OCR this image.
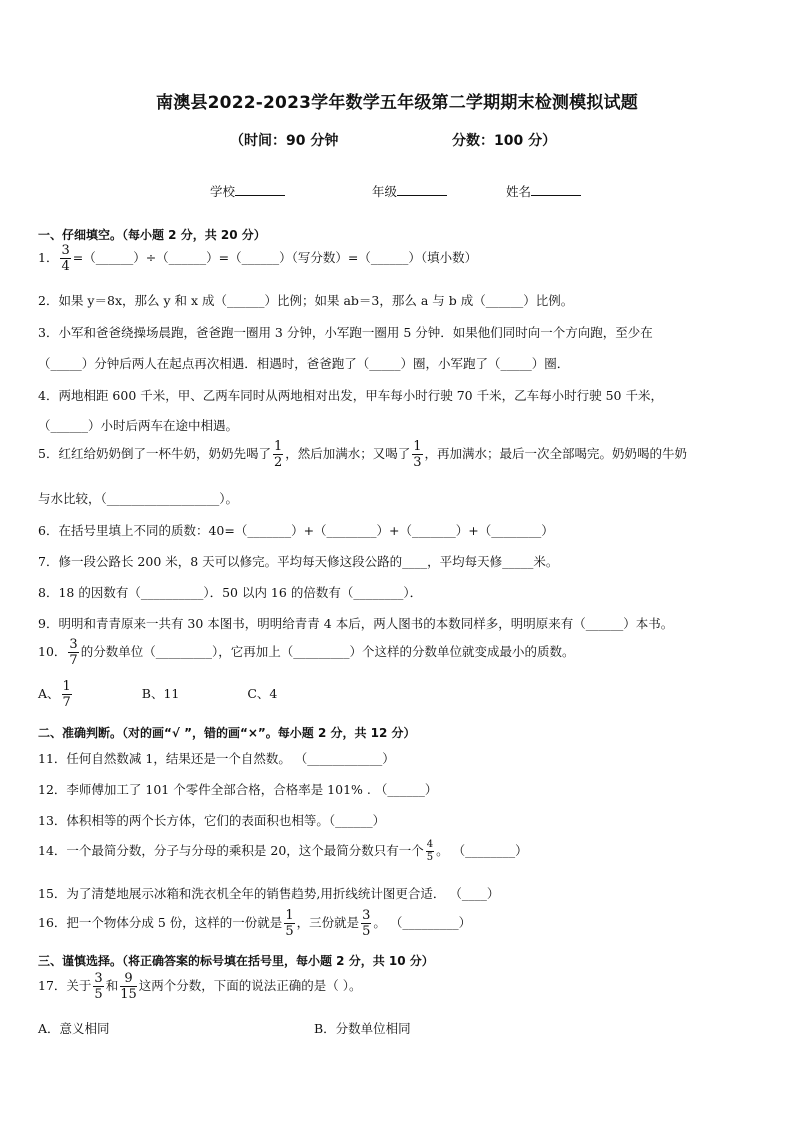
南澳县2022-2023学年数学五年级第二学期期末检测模拟试题
（时间：90 分钟	分数：100 分）
学校	年级	姓名
一、仔细填空。（每小题 2 分，共 20 分）
1． $\frac{3}{4}$ =（______）÷（______）=（______）（写分数）=（______）（填小数）
2．如果 y＝8x，那么 y 和 x 成（______）比例；如果 ab＝3，那么 a 与 b 成（______）比例。
3．小军和爸爸绕操场晨跑，爸爸跑一圈用 3 分钟，小军跑一圈用 5 分钟．如果他们同时向一个方向跑，至少在
（_____）分钟后两人在起点再次相遇．相遇时，爸爸跑了（_____）圈，小军跑了（_____）圈．
4．两地相距 600 千米，甲、乙两车同时从两地相对出发，甲车每小时行驶 70 千米，乙车每小时行驶 50 千米，
（______）小时后两车在途中相遇。
5．红红给奶奶倒了一杯牛奶，奶奶先喝了 $\frac{1}{2}$ ，然后加满水；又喝了 $\frac{1}{3}$ ，再加满水；最后一次全部喝完。奶奶喝的牛奶
与水比较，（__________________）。
6．在括号里填上不同的质数：40=（_______）+（________）+（_______）+（________）
7．修一段公路长 200 米，8 天可以修完。平均每天修这段公路的____，平均每天修_____米。
8．18 的因数有（__________）．50 以内 16 的倍数有（________）．
9．明明和青青原来一共有 30 本图书，明明给青青 4 本后，两人图书的本数同样多，明明原来有（______）本书。
10． $\frac{3}{7}$ 的分数单位（_________），它再加上（_________）个这样的分数单位就变成最小的质数。
A、 $\frac{1}{7}$	B、11	C、4
二、准确判断。（对的画“√ ”，错的画“×”。每小题 2 分，共 12 分）
11．任何自然数减 1，结果还是一个自然数。 （____________）
12．李师傅加工了 101 个零件全部合格，合格率是 101% . （______）
13．体积相等的两个长方体，它们的表面积也相等。（______）
14．一个最简分数，分子与分母的乘积是 20，这个最简分数只有一个 $\frac{4}{5}$ 。 （________）
15．为了清楚地展示冰箱和洗衣机全年的销售趋势,用折线统计图更合适． （____）
16．把一个物体分成 5 份，这样的一份就是 $\frac{1}{5}$ ，三份就是 $\frac{3}{5}$ 。 （_________）
三、谨慎选择。（将正确答案的标号填在括号里，每小题 2 分，共 10 分）
17．关于 $\frac{3}{5}$ 和 $\frac{9}{15}$ 这两个分数，下面的说法正确的是（ ）。
A．意义相同	B．分数单位相同
